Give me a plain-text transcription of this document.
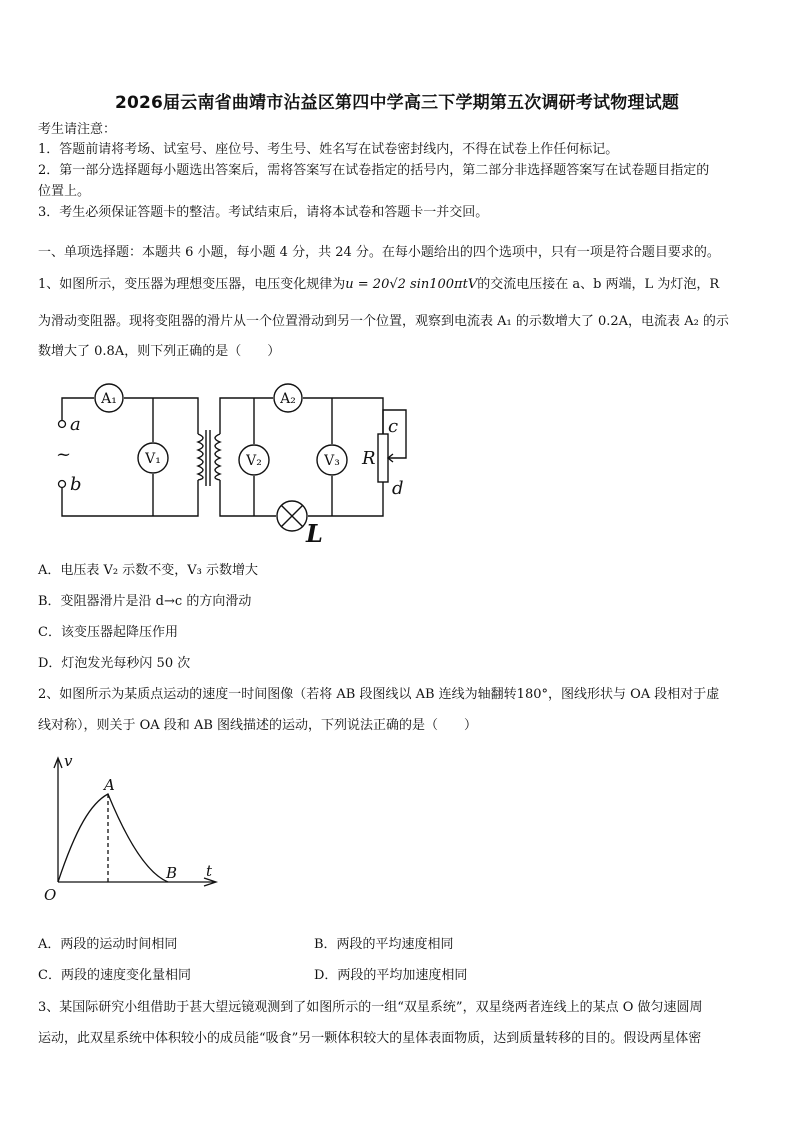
2026届云南省曲靖市沾益区第四中学高三下学期第五次调研考试物理试题
考生请注意：
1．答题前请将考场、试室号、座位号、考生号、姓名写在试卷密封线内，不得在试卷上作任何标记。
2．第一部分选择题每小题选出答案后，需将答案写在试卷指定的括号内，第二部分非选择题答案写在试卷题目指定的
位置上。
3．考生必须保证答题卡的整洁。考试结束后，请将本试卷和答题卡一并交回。
一、单项选择题：本题共 6 小题，每小题 4 分，共 24 分。在每小题给出的四个选项中，只有一项是符合题目要求的。
1、如图所示，变压器为理想变压器，电压变化规律为u = 20√2 sin100πtV的交流电压接在 a、b 两端，L 为灯泡，R
为滑动变阻器。现将变阻器的滑片从一个位置滑动到另一个位置，观察到电流表 A₁ 的示数增大了 0.2A，电流表 A₂ 的示
数增大了 0.8A，则下列正确的是（　　）
A₁	A₂
V₁	V₂	V₃
a
b
R
c
d
~
L
A．电压表 V₂ 示数不变，V₃ 示数增大
B．变阻器滑片是沿 d→c 的方向滑动
C．该变压器起降压作用
D．灯泡发光每秒闪 50 次
2、如图所示为某质点运动的速度一时间图像（若将 AB 段图线以 AB 连线为轴翻转180°，图线形状与 OA 段相对于虚
线对称），则关于 OA 段和 AB 图线描述的运动，下列说法正确的是（　　）
v
t
O
A
B
A．两段的运动时间相同	B．两段的平均速度相同
C．两段的速度变化量相同	D．两段的平均加速度相同
3、某国际研究小组借助于甚大望远镜观测到了如图所示的一组“双星系统”，双星绕两者连线上的某点 O 做匀速圆周
运动，此双星系统中体积较小的成员能“吸食”另一颗体积较大的星体表面物质，达到质量转移的目的。假设两星体密
